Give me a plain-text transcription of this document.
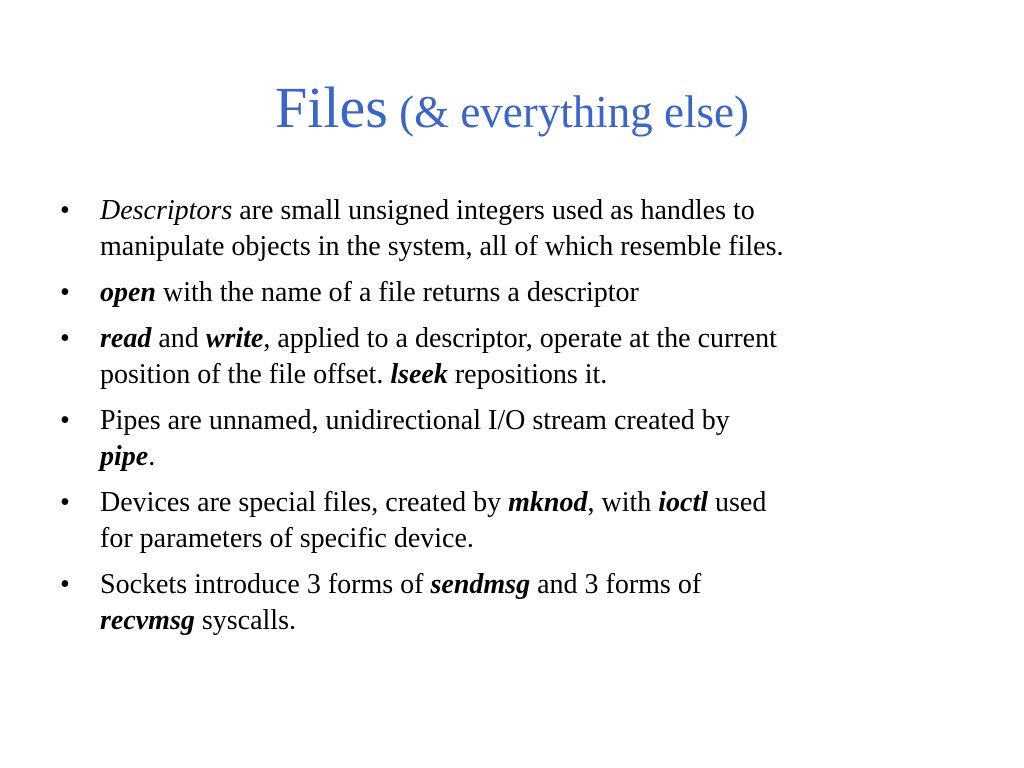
Files (& everything else)
•	Descriptors are small unsigned integers used as handles to
manipulate objects in the system, all of which resemble files.
•	open with the name of a file returns a descriptor
•	read and write, applied to a descriptor, operate at the current
position of the file offset. lseek repositions it.
•	Pipes are unnamed, unidirectional I/O stream created by
pipe.
•	Devices are special files, created by mknod, with ioctl used
for parameters of specific device.
•	Sockets introduce 3 forms of sendmsg and 3 forms of
recvmsg syscalls.
